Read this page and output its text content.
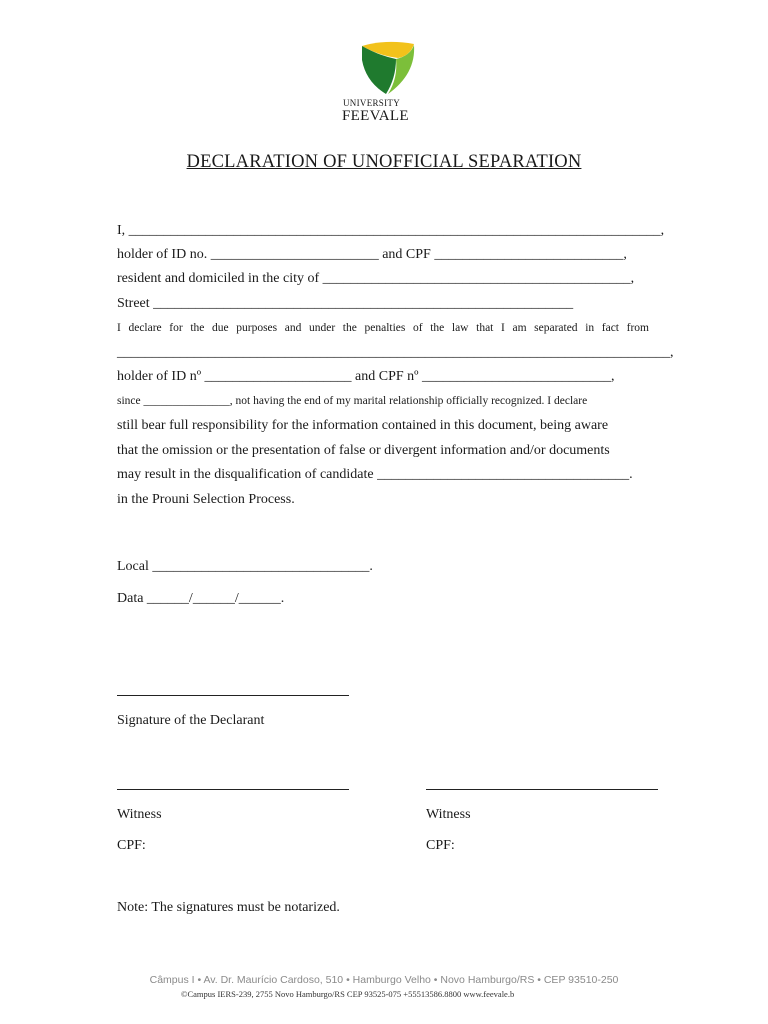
UNIVERSITY
FEEVALE
DECLARATION OF UNOFFICIAL SEPARATION
I, ____________________________________________________________________________,
holder of ID no. ________________________ and CPF ___________________________,
resident and domiciled in the city of ____________________________________________,
Street ____________________________________________________________
I declare for the due purposes and under the penalties of the law that I am separated in fact from
_______________________________________________________________________________,
holder of ID nº _____________________ and CPF nº ___________________________,
since _______________, not having the end of my marital relationship officially recognized. I declare
still bear full responsibility for the information contained in this document, being aware
that the omission or the presentation of false or divergent information and/or documents
may result in the disqualification of candidate ____________________________________.
in the Prouni Selection Process.
Local _______________________________.
Data ______/______/______.
Signature of the Declarant
Witness	Witness
CPF:	CPF:
Note: The signatures must be notarized.
Câmpus I • Av. Dr. Maurício Cardoso, 510 • Hamburgo Velho • Novo Hamburgo/RS • CEP 93510-250
©Campus IERS-239, 2755 Novo Hamburgo/RS CEP 93525-075 +55513586.8800 www.feevale.b
